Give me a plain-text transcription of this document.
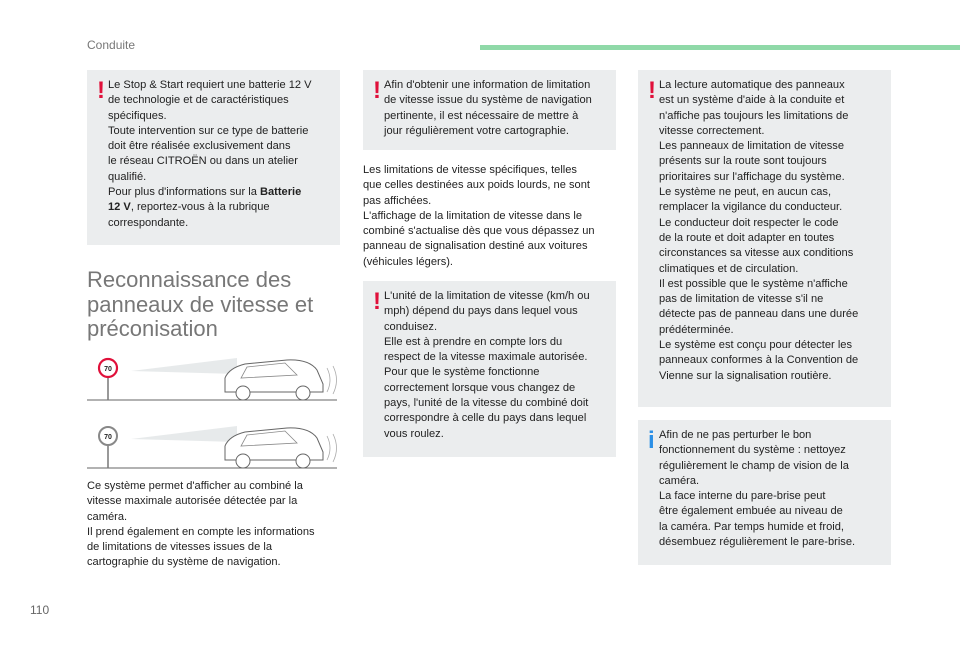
Conduite
! Le Stop & Start requiert une batterie 12 V
de technologie et de caractéristiques
spécifiques.
Toute intervention sur ce type de batterie
doit être réalisée exclusivement dans
le réseau CITROËN ou dans un atelier
qualifié.
Pour plus d'informations sur la Batterie
12 V, reportez-vous à la rubrique
correspondante.
Reconnaissance des
panneaux de vitesse et
préconisation
70
70
Ce système permet d'afficher au combiné la
vitesse maximale autorisée détectée par la
caméra.
Il prend également en compte les informations
de limitations de vitesses issues de la
cartographie du système de navigation.
! Afin d'obtenir une information de limitation
de vitesse issue du système de navigation
pertinente, il est nécessaire de mettre à
jour régulièrement votre cartographie.
Les limitations de vitesse spécifiques, telles
que celles destinées aux poids lourds, ne sont
pas affichées.
L'affichage de la limitation de vitesse dans le
combiné s'actualise dès que vous dépassez un
panneau de signalisation destiné aux voitures
(véhicules légers).
! L'unité de la limitation de vitesse (km/h ou
mph) dépend du pays dans lequel vous
conduisez.
Elle est à prendre en compte lors du
respect de la vitesse maximale autorisée.
Pour que le système fonctionne
correctement lorsque vous changez de
pays, l'unité de la vitesse du combiné doit
correspondre à celle du pays dans lequel
vous roulez.
! La lecture automatique des panneaux
est un système d'aide à la conduite et
n'affiche pas toujours les limitations de
vitesse correctement.
Les panneaux de limitation de vitesse
présents sur la route sont toujours
prioritaires sur l'affichage du système.
Le système ne peut, en aucun cas,
remplacer la vigilance du conducteur.
Le conducteur doit respecter le code
de la route et doit adapter en toutes
circonstances sa vitesse aux conditions
climatiques et de circulation.
Il est possible que le système n'affiche
pas de limitation de vitesse s'il ne
détecte pas de panneau dans une durée
prédéterminée.
Le système est conçu pour détecter les
panneaux conformes à la Convention de
Vienne sur la signalisation routière.
i Afin de ne pas perturber le bon
fonctionnement du système : nettoyez
régulièrement le champ de vision de la
caméra.
La face interne du pare-brise peut
être également embuée au niveau de
la caméra. Par temps humide et froid,
désembuez régulièrement le pare-brise.
110
